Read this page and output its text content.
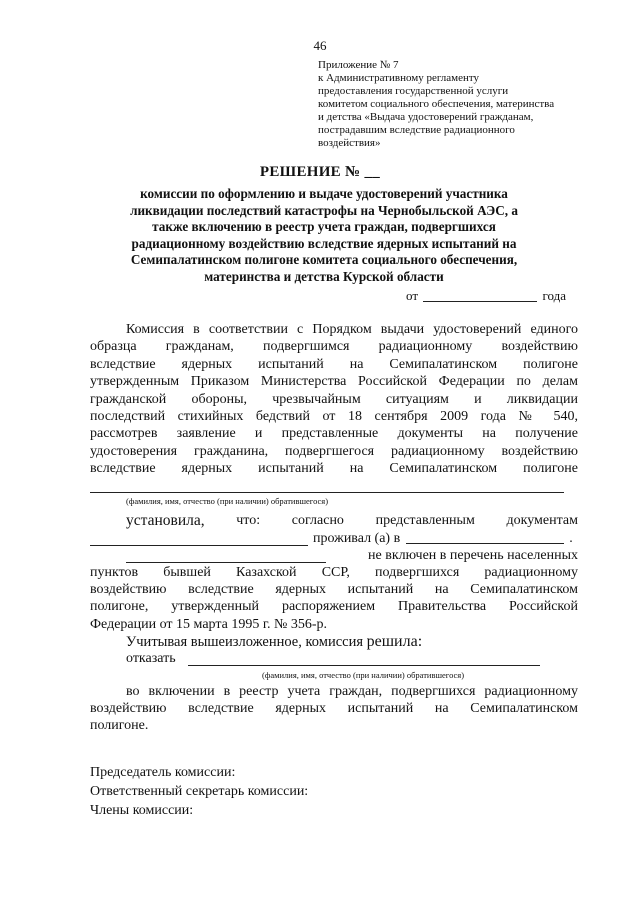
46
Приложение № 7
к Административному регламенту
предоставления государственной услуги
комитетом социального обеспечения, материнства
и детства «Выдача удостоверений гражданам,
пострадавшим вследствие радиационного
воздействия»
РЕШЕНИЕ № __
комиссии по оформлению и выдаче удостоверений участника
ликвидации последствий катастрофы на Чернобыльской АЭС, а
также включению в реестр учета граждан, подвергшихся
радиационному воздействию вследствие ядерных испытаний на
Семипалатинском полигоне комитета социального обеспечения,
материнства и детства Курской области
от	года
Комиссия в соответствии с Порядком выдачи удостоверений единого
образца гражданам, подвергшимся радиационному воздействию
вследствие ядерных испытаний на Семипалатинском полигоне
утвержденным Приказом Министерства Российской Федерации по делам
гражданской обороны, чрезвычайным ситуациям и ликвидации
последствий стихийных бедствий от 18 сентября 2009 года № 540,
рассмотрев заявление и представленные документы на получение
удостоверения гражданина, подвергшегося радиационному воздействию
вследствие ядерных испытаний на Семипалатинском полигоне
(фамилия, имя, отчество (при наличии) обратившегося)
установила, что: согласно представленным документам
проживал (а) в	.
не включен в перечень населенных
пунктов бывшей Казахской ССР, подвергшихся радиационному
воздействию вследствие ядерных испытаний на Семипалатинском
полигоне, утвержденный распоряжением Правительства Российской
Федерации от 15 марта 1995 г. № 356-р.
Учитывая вышеизложенное, комиссия решила:
отказать
(фамилия, имя, отчество (при наличии) обратившегося)
во включении в реестр учета граждан, подвергшихся радиационному
воздействию вследствие ядерных испытаний на Семипалатинском
полигоне.
Председатель комиссии:
Ответственный секретарь комиссии:
Члены комиссии:
